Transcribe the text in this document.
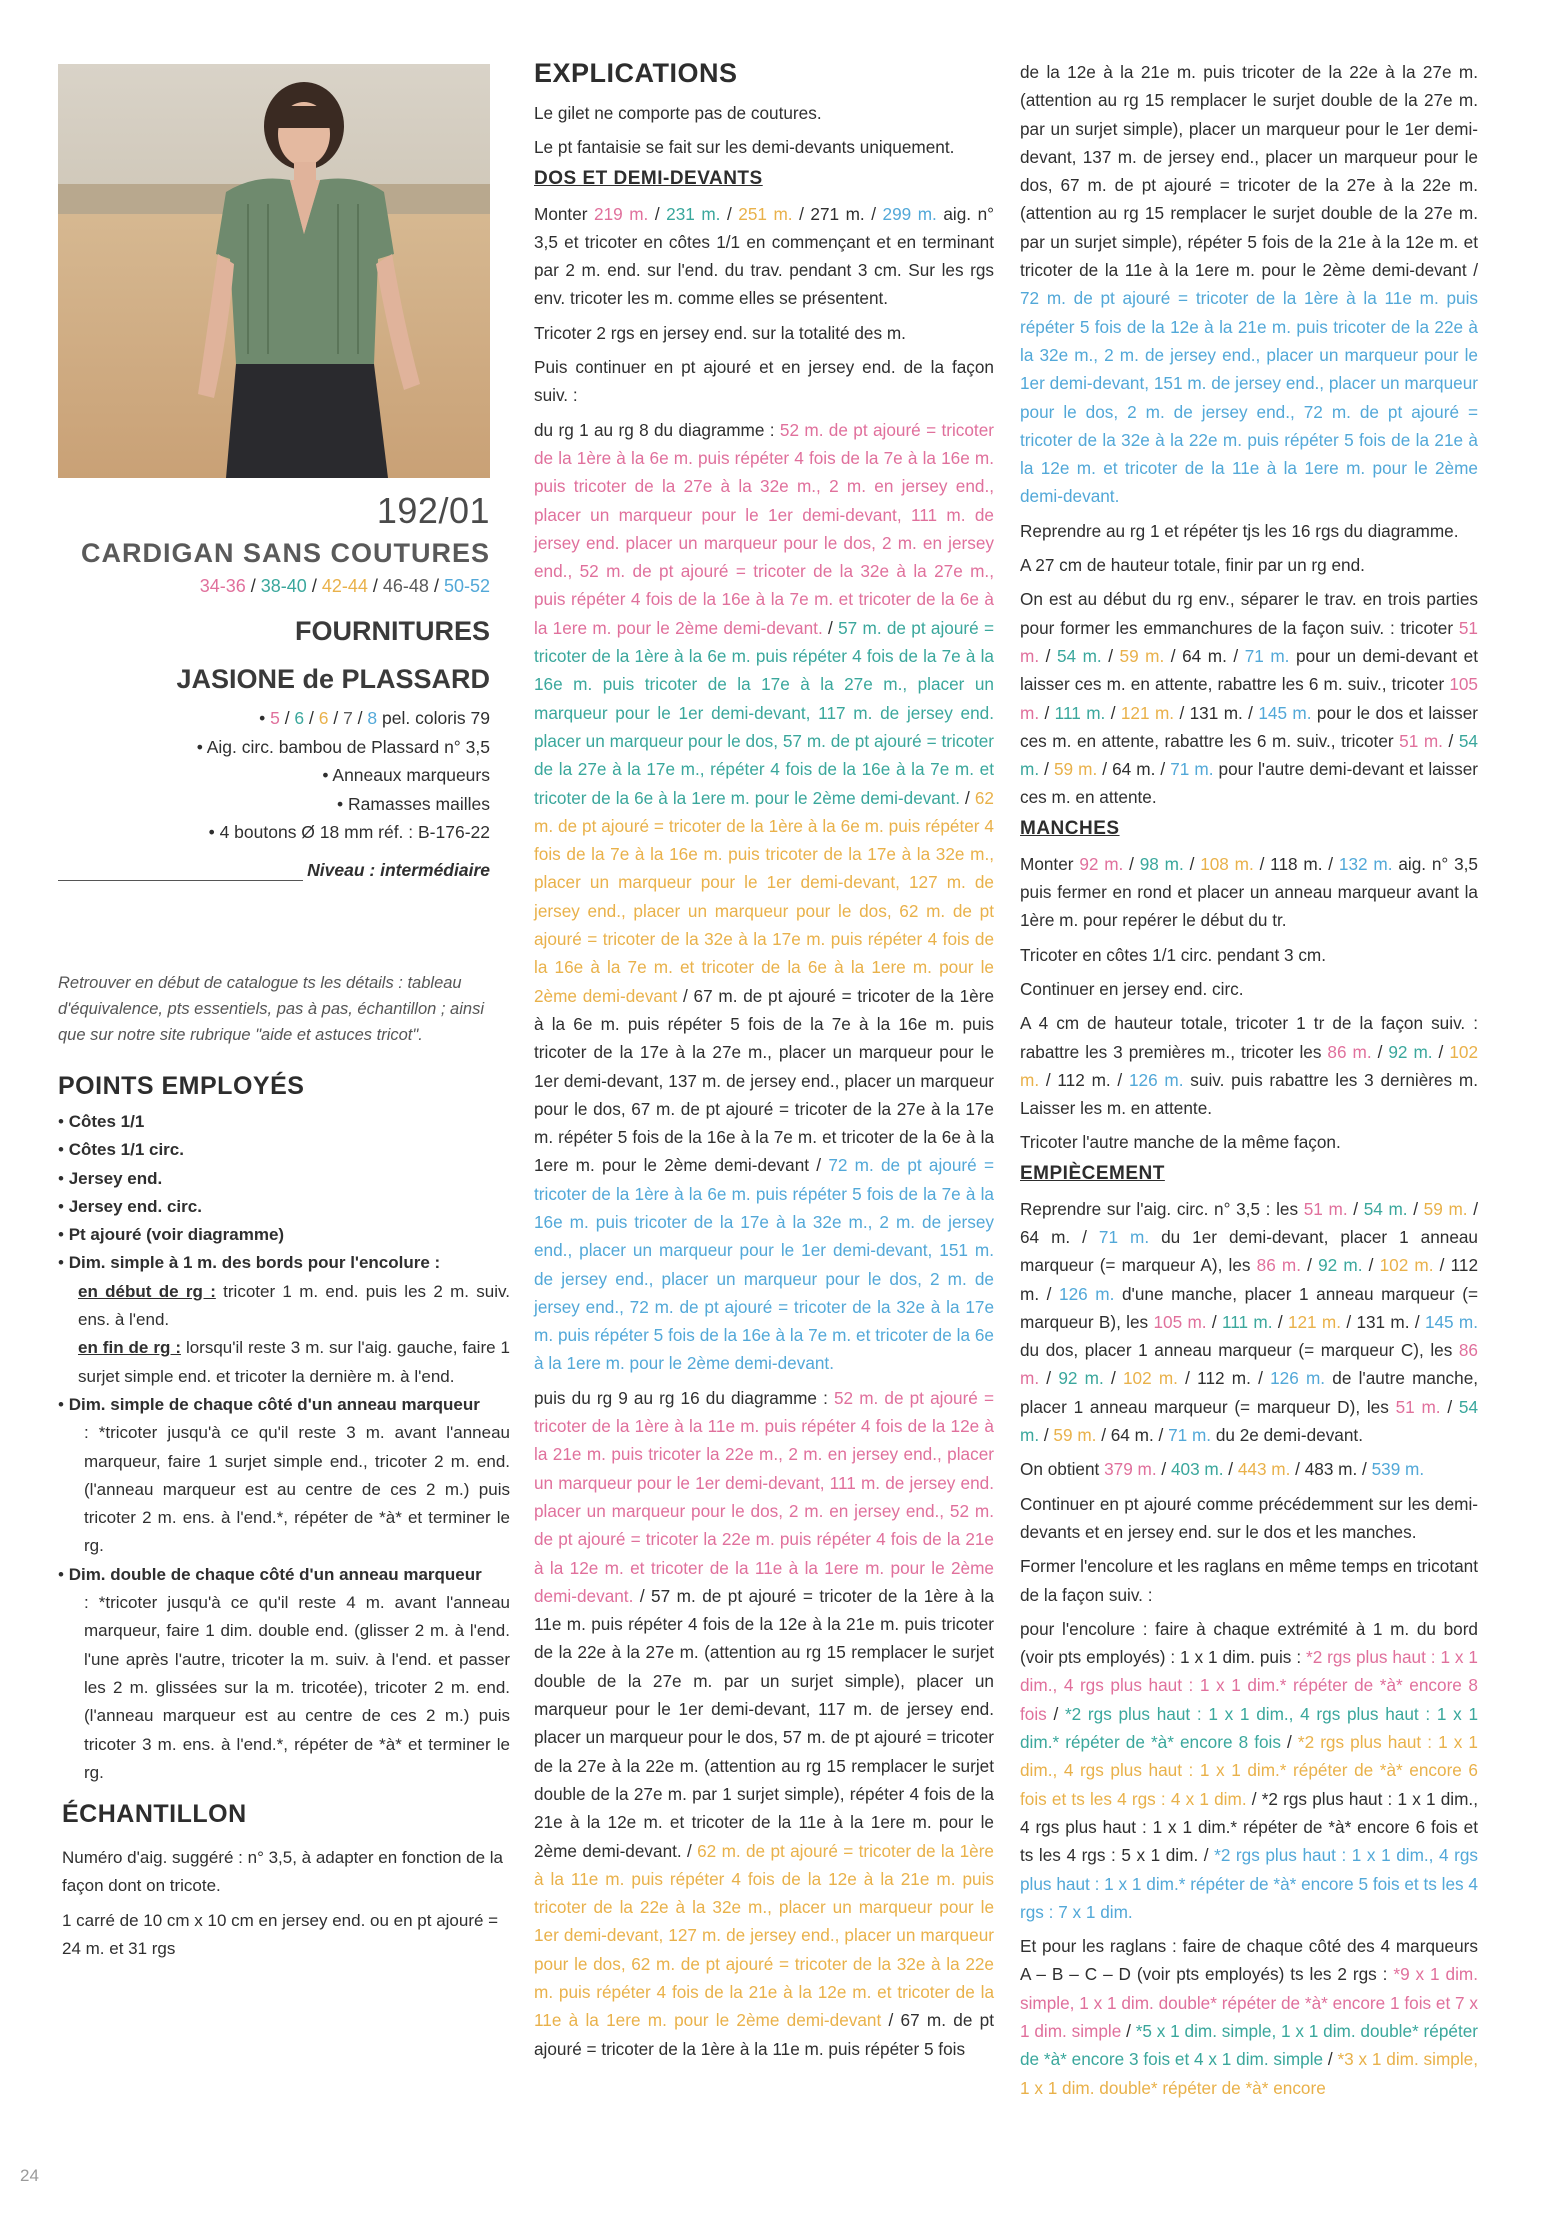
192/01
CARDIGAN SANS COUTURES
34-36 / 38-40 / 42-44 / 46-48 / 50-52
FOURNITURES
JASIONE de PLASSARD
• 5 / 6 / 6 / 7 / 8 pel. coloris 79
• Aig. circ. bambou de Plassard n° 3,5
• Anneaux marqueurs
• Ramasses mailles
• 4 boutons Ø 18 mm réf. : B-176-22
Niveau : intermédiaire
Retrouver en début de catalogue ts les détails : tableau d'équivalence, pts essentiels, pas à pas, échantillon ; ainsi que sur notre site rubrique "aide et astuces tricot".
POINTS EMPLOYÉS
• Côtes 1/1
• Côtes 1/1 circ.
• Jersey end.
• Jersey end. circ.
• Pt ajouré (voir diagramme)
• Dim. simple à 1 m. des bords pour l'encolure :

en début de rg : tricoter 1 m. end. puis les 2 m. suiv. ens. à l'end.

en fin de rg : lorsqu'il reste 3 m. sur l'aig. gauche, faire 1 surjet simple end. et tricoter la dernière m. à l'end.

• Dim. simple de chaque côté d'un anneau marqueur

: *tricoter jusqu'à ce qu'il reste 3 m. avant l'anneau marqueur, faire 1 surjet simple end., tricoter 2 m. end. (l'anneau marqueur est au centre de ces 2 m.) puis tricoter 2 m. ens. à l'end.*, répéter de *à* et terminer le rg.

• Dim. double de chaque côté d'un anneau marqueur

: *tricoter jusqu'à ce qu'il reste 4 m. avant l'anneau marqueur, faire 1 dim. double end. (glisser 2 m. à l'end. l'une après l'autre, tricoter la m. suiv. à l'end. et passer les 2 m. glissées sur la m. tricotée), tricoter 2 m. end. (l'anneau marqueur est au centre de ces 2 m.) puis tricoter 3 m. ens. à l'end.*, répéter de *à* et terminer le rg.

ÉCHANTILLON

Numéro d'aig. suggéré : n° 3,5, à adapter en fonction de la façon dont on tricote.

1 carré de 10 cm x 10 cm en jersey end. ou en pt ajouré = 24 m. et 31 rgs

24
EXPLICATIONS

Le gilet ne comporte pas de coutures.

Le pt fantaisie se fait sur les demi-devants uniquement.

DOS ET DEMI-DEVANTS

Monter 219 m. / 231 m. / 251 m. / 271 m. / 299 m. aig. n° 3,5 et tricoter en côtes 1/1 en commençant et en terminant par 2 m. end. sur l'end. du trav. pendant 3 cm. Sur les rgs env. tricoter les m. comme elles se présentent.

Tricoter 2 rgs en jersey end. sur la totalité des m.

Puis continuer en pt ajouré et en jersey end. de la façon suiv. :

du rg 1 au rg 8 du diagramme : 52 m. de pt ajouré = tricoter de la 1ère à la 6e m. puis répéter 4 fois de la 7e à la 16e m. puis tricoter de la 27e à la 32e m., 2 m. en jersey end., placer un marqueur pour le 1er demi-devant, 111 m. de jersey end. placer un marqueur pour le dos, 2 m. en jersey end., 52 m. de pt ajouré = tricoter de la 32e à la 27e m., puis répéter 4 fois de la 16e à la 7e m. et tricoter de la 6e à la 1ere m. pour le 2ème demi-devant. / 57 m. de pt ajouré = tricoter de la 1ère à la 6e m. puis répéter 4 fois de la 7e à la 16e m. puis tricoter de la 17e à la 27e m., placer un marqueur pour le 1er demi-devant, 117 m. de jersey end. placer un marqueur pour le dos, 57 m. de pt ajouré = tricoter de la 27e à la 17e m., répéter 4 fois de la 16e à la 7e m. et tricoter de la 6e à la 1ere m. pour le 2ème demi-devant. / 62 m. de pt ajouré = tricoter de la 1ère à la 6e m. puis répéter 4 fois de la 7e à la 16e m. puis tricoter de la 17e à la 32e m., placer un marqueur pour le 1er demi-devant, 127 m. de jersey end., placer un marqueur pour le dos, 62 m. de pt ajouré = tricoter de la 32e à la 17e m. puis répéter 4 fois de la 16e à la 7e m. et tricoter de la 6e à la 1ere m. pour le 2ème demi-devant / 67 m. de pt ajouré = tricoter de la 1ère à la 6e m. puis répéter 5 fois de la 7e à la 16e m. puis tricoter de la 17e à la 27e m., placer un marqueur pour le 1er demi-devant, 137 m. de jersey end., placer un marqueur pour le dos, 67 m. de pt ajouré = tricoter de la 27e à la 17e m. répéter 5 fois de la 16e à la 7e m. et tricoter de la 6e à la 1ere m. pour le 2ème demi-devant / 72 m. de pt ajouré = tricoter de la 1ère à la 6e m. puis répéter 5 fois de la 7e à la 16e m. puis tricoter de la 17e à la 32e m., 2 m. de jersey end., placer un marqueur pour le 1er demi-devant, 151 m. de jersey end., placer un marqueur pour le dos, 2 m. de jersey end., 72 m. de pt ajouré = tricoter de la 32e à la 17e m. puis répéter 5 fois de la 16e à la 7e m. et tricoter de la 6e à la 1ere m. pour le 2ème demi-devant.

puis du rg 9 au rg 16 du diagramme : 52 m. de pt ajouré = tricoter de la 1ère à la 11e m. puis répéter 4 fois de la 12e à la 21e m. puis tricoter la 22e m., 2 m. en jersey end., placer un marqueur pour le 1er demi-devant, 111 m. de jersey end. placer un marqueur pour le dos, 2 m. en jersey end., 52 m. de pt ajouré = tricoter la 22e m. puis répéter 4 fois de la 21e à la 12e m. et tricoter de la 11e à la 1ere m. pour le 2ème demi-devant. / 57 m. de pt ajouré = tricoter de la 1ère à la 11e m. puis répéter 4 fois de la 12e à la 21e m. puis tricoter de la 22e à la 27e m. (attention au rg 15 remplacer le surjet double de la 27e m. par un surjet simple), placer un marqueur pour le 1er demi-devant, 117 m. de jersey end. placer un marqueur pour le dos, 57 m. de pt ajouré = tricoter de la 27e à la 22e m. (attention au rg 15 remplacer le surjet double de la 27e m. par 1 surjet simple), répéter 4 fois de la 21e à la 12e m. et tricoter de la 11e à la 1ere m. pour le 2ème demi-devant. / 62 m. de pt ajouré = tricoter de la 1ère à la 11e m. puis répéter 4 fois de la 12e à la 21e m. puis tricoter de la 22e à la 32e m., placer un marqueur pour le 1er demi-devant, 127 m. de jersey end., placer un marqueur pour le dos, 62 m. de pt ajouré = tricoter de la 32e à la 22e m. puis répéter 4 fois de la 21e à la 12e m. et tricoter de la 11e à la 1ere m. pour le 2ème demi-devant / 67 m. de pt ajouré = tricoter de la 1ère à la 11e m. puis répéter 5 fois

de la 12e à la 21e m. puis tricoter de la 22e à la 27e m. (attention au rg 15 remplacer le surjet double de la 27e m. par un surjet simple), placer un marqueur pour le 1er demi-devant, 137 m. de jersey end., placer un marqueur pour le dos, 67 m. de pt ajouré = tricoter de la 27e à la 22e m. (attention au rg 15 remplacer le surjet double de la 27e m. par un surjet simple), répéter 5 fois de la 21e à la 12e m. et tricoter de la 11e à la 1ere m. pour le 2ème demi-devant / 72 m. de pt ajouré = tricoter de la 1ère à la 11e m. puis répéter 5 fois de la 12e à la 21e m. puis tricoter de la 22e à la 32e m., 2 m. de jersey end., placer un marqueur pour le 1er demi-devant, 151 m. de jersey end., placer un marqueur pour le dos, 2 m. de jersey end., 72 m. de pt ajouré = tricoter de la 32e à la 22e m. puis répéter 5 fois de la 21e à la 12e m. et tricoter de la 11e à la 1ere m. pour le 2ème demi-devant.

Reprendre au rg 1 et répéter tjs les 16 rgs du diagramme.

A 27 cm de hauteur totale, finir par un rg end.

On est au début du rg env., séparer le trav. en trois parties pour former les emmanchures de la façon suiv. : tricoter 51 m. / 54 m. / 59 m. / 64 m. / 71 m. pour un demi-devant et laisser ces m. en attente, rabattre les 6 m. suiv., tricoter 105 m. / 111 m. / 121 m. / 131 m. / 145 m. pour le dos et laisser ces m. en attente, rabattre les 6 m. suiv., tricoter 51 m. / 54 m. / 59 m. / 64 m. / 71 m. pour l'autre demi-devant et laisser ces m. en attente.

MANCHES

Monter 92 m. / 98 m. / 108 m. / 118 m. / 132 m. aig. n° 3,5 puis fermer en rond et placer un anneau marqueur avant la 1ère m. pour repérer le début du tr.

Tricoter en côtes 1/1 circ. pendant 3 cm.

Continuer en jersey end. circ.

A 4 cm de hauteur totale, tricoter 1 tr de la façon suiv. : rabattre les 3 premières m., tricoter les 86 m. / 92 m. / 102 m. / 112 m. / 126 m. suiv. puis rabattre les 3 dernières m. Laisser les m. en attente.

Tricoter l'autre manche de la même façon.

EMPIÈCEMENT

Reprendre sur l'aig. circ. n° 3,5 : les 51 m. / 54 m. / 59 m. / 64 m. / 71 m. du 1er demi-devant, placer 1 anneau marqueur (= marqueur A), les 86 m. / 92 m. / 102 m. / 112 m. / 126 m. d'une manche, placer 1 anneau marqueur (= marqueur B), les 105 m. / 111 m. / 121 m. / 131 m. / 145 m. du dos, placer 1 anneau marqueur (= marqueur C), les 86 m. / 92 m. / 102 m. / 112 m. / 126 m. de l'autre manche, placer 1 anneau marqueur (= marqueur D), les 51 m. / 54 m. / 59 m. / 64 m. / 71 m. du 2e demi-devant.

On obtient 379 m. / 403 m. / 443 m. / 483 m. / 539 m.

Continuer en pt ajouré comme précédemment sur les demi-devants et en jersey end. sur le dos et les manches.

Former l'encolure et les raglans en même temps en tricotant de la façon suiv. :

pour l'encolure : faire à chaque extrémité à 1 m. du bord (voir pts employés) : 1 x 1 dim. puis : *2 rgs plus haut : 1 x 1 dim., 4 rgs plus haut : 1 x 1 dim.* répéter de *à* encore 8 fois / *2 rgs plus haut : 1 x 1 dim., 4 rgs plus haut : 1 x 1 dim.* répéter de *à* encore 8 fois / *2 rgs plus haut : 1 x 1 dim., 4 rgs plus haut : 1 x 1 dim.* répéter de *à* encore 6 fois et ts les 4 rgs : 4 x 1 dim. / *2 rgs plus haut : 1 x 1 dim., 4 rgs plus haut : 1 x 1 dim.* répéter de *à* encore 6 fois et ts les 4 rgs : 5 x 1 dim. / *2 rgs plus haut : 1 x 1 dim., 4 rgs plus haut : 1 x 1 dim.* répéter de *à* encore 5 fois et ts les 4 rgs : 7 x 1 dim.

Et pour les raglans : faire de chaque côté des 4 marqueurs A – B – C – D (voir pts employés) ts les 2 rgs : *9 x 1 dim. simple, 1 x 1 dim. double* répéter de *à* encore 1 fois et 7 x 1 dim. simple / *5 x 1 dim. simple, 1 x 1 dim. double* répéter de *à* encore 3 fois et 4 x 1 dim. simple / *3 x 1 dim. simple, 1 x 1 dim. double* répéter de *à* encore
